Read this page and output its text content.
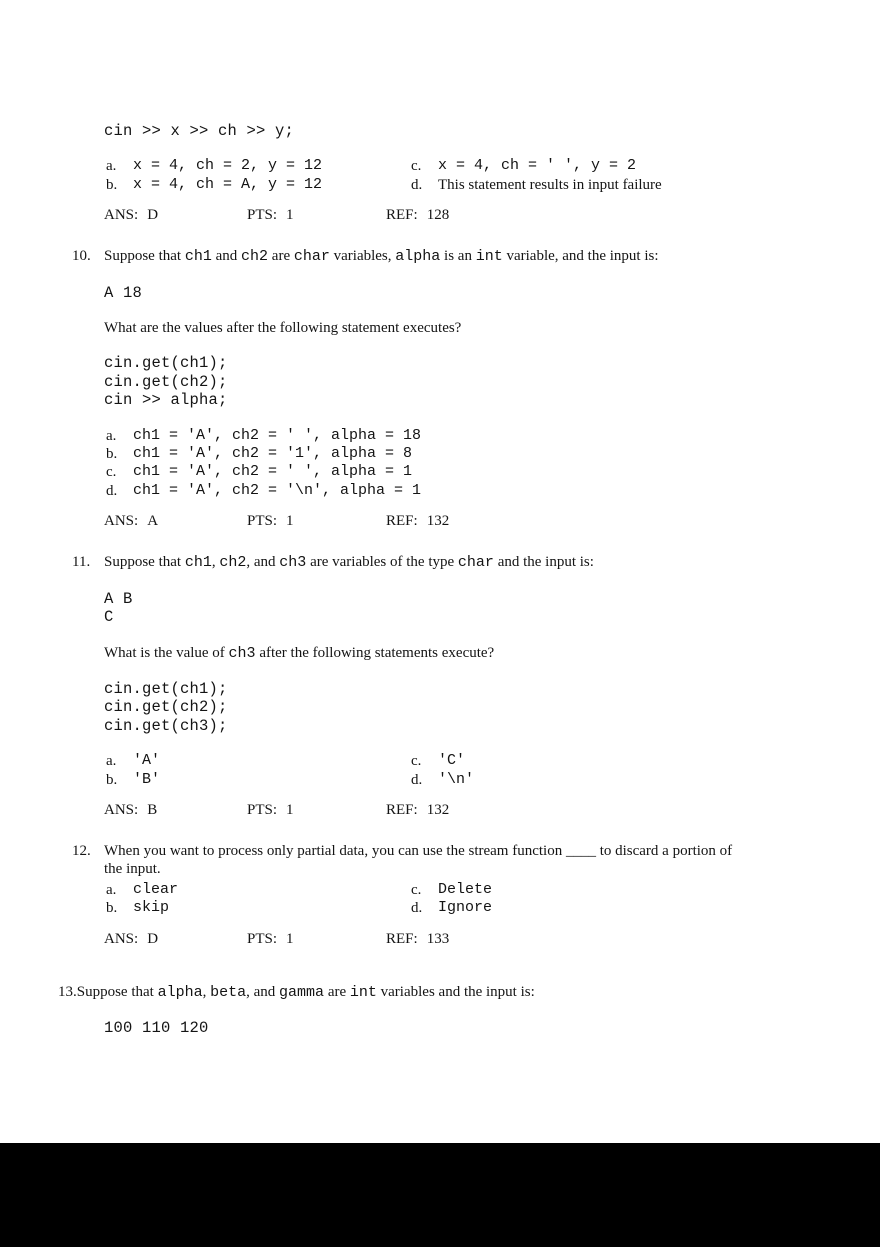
cin >> x >> ch >> y;
a.	x = 4, ch = 2, y = 12	c.	x = 4, ch = ' ', y = 2
b.	x = 4, ch = A, y = 12	d.	This statement results in input failure
ANS: D	PTS: 1	REF: 128
10. Suppose that ch1 and ch2 are char variables, alpha is an int variable, and the input is:
A 18
What are the values after the following statement executes?
cin.get(ch1);
cin.get(ch2);
cin >> alpha;
a.	ch1 = 'A', ch2 = ' ', alpha = 18
b.	ch1 = 'A', ch2 = '1', alpha = 8
c.	ch1 = 'A', ch2 = ' ', alpha = 1
d.	ch1 = 'A', ch2 = '\n', alpha = 1
ANS: A	PTS: 1	REF: 132
11. Suppose that ch1, ch2, and ch3 are variables of the type char and the input is:
A B
C
What is the value of ch3 after the following statements execute?
cin.get(ch1);
cin.get(ch2);
cin.get(ch3);
a.	'A'	c.	'C'
b.	'B'	d.	'\n'
ANS: B	PTS: 1	REF: 132
12. When you want to process only partial data, you can use the stream function ____ to discard a portion of
the input.
a.	clear	c.	Delete
b.	skip	d.	Ignore
ANS: D	PTS: 1	REF: 133
13.Suppose that alpha, beta, and gamma are int variables and the input is:
100 110 120
